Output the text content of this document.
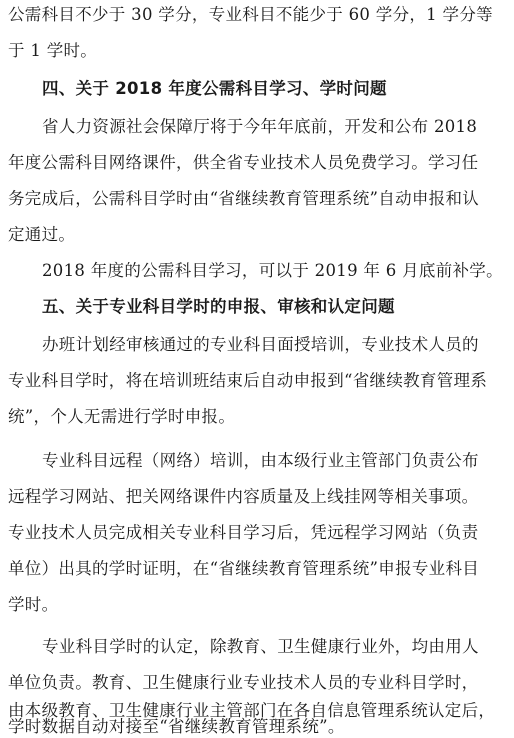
公需科目不少于 30 学分，专业科目不能少于 60 学分，1 学分等
于 1 学时。
四、关于 2018 年度公需科目学习、学时问题
省人力资源社会保障厅将于今年年底前，开发和公布 2018
年度公需科目网络课件，供全省专业技术人员免费学习。学习任
务完成后，公需科目学时由“省继续教育管理系统”自动申报和认
定通过。
2018 年度的公需科目学习，可以于 2019 年 6 月底前补学。
五、关于专业科目学时的申报、审核和认定问题
办班计划经审核通过的专业科目面授培训，专业技术人员的
专业科目学时，将在培训班结束后自动申报到“省继续教育管理系
统”，个人无需进行学时申报。
专业科目远程（网络）培训，由本级行业主管部门负责公布
远程学习网站、把关网络课件内容质量及上线挂网等相关事项。
专业技术人员完成相关专业科目学习后，凭远程学习网站（负责
单位）出具的学时证明，在“省继续教育管理系统”申报专业科目
学时。
专业科目学时的认定，除教育、卫生健康行业外，均由用人
单位负责。教育、卫生健康行业专业技术人员的专业科目学时，
由本级教育、卫生健康行业主管部门在各自信息管理系统认定后，
学时数据自动对接至“省继续教育管理系统”。
